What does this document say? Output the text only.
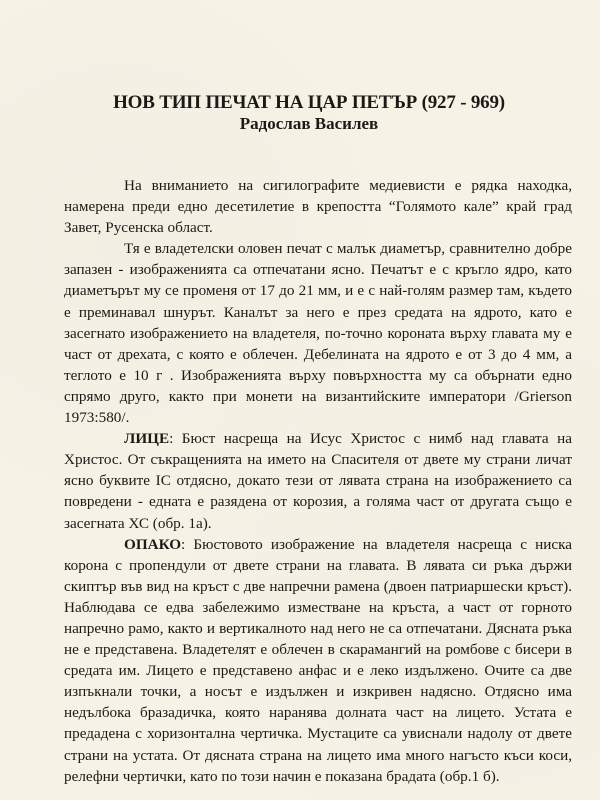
НОВ ТИП ПЕЧАТ НА ЦАР ПЕТЪР (927 - 969)
Радослав Василев

На вниманието на сигилографите медиевисти е рядка находка, намерена преди едно десетилетие в крепостта “Голямото кале” край град Завет, Русенска област.

Тя е владетелски оловен печат с малък диаметър, сравнително добре запазен - изображенията са отпечатани ясно. Печатът е с кръгло ядро, като диаметърът му се променя от 17 до 21 мм, и е с най-голям размер там, където е преминавал шнурът. Каналът за него е през средата на ядрото, като е засегнато изображението на владетеля, по-точно короната върху главата му е част от дрехата, с която е облечен. Дебелината на ядрото е от 3 до 4 мм, а теглото е 10 г . Изображенията върху повърхността му са обърнати едно спрямо друго, както при монети на византийските императори /Grierson 1973:580/.

ЛИЦЕ: Бюст насреща на Исус Христос с нимб над главата на Христос. От съкращенията на името на Спасителя от двете му страни личат ясно буквите IC отдясно, докато тези от лявата страна на изображението са повредени - едната е разядена от корозия, а голяма част от другата също е засегната ХС (обр. 1а).

ОПАКО: Бюстовото изображение на владетеля насреща с ниска корона с пропендули от двете страни на главата. В лявата си ръка държи скиптър във вид на кръст с две напречни рамена (двоен патриаршески кръст). Наблюдава се едва забележимо изместване на кръста, а част от горното напречно рамо, както и вертикалното над него не са отпечатани. Дясната ръка не е представена. Владетелят е облечен в скарамангий на ромбове с бисери в средата им. Лицето е представено анфас и е леко издължено. Очите са две изпъкнали точки, а носът е издължен и изкривен надясно. Отдясно има недълбока бразадичка, която наранява долната част на лицето. Устата е предадена с хоризонтална чертичка. Мустаците са увиснали надолу от двете страни на устата. От дясната страна на лицето има много нагъсто къси коси, релефни чертички, като по този начин е показана брадата (обр.1 б).
